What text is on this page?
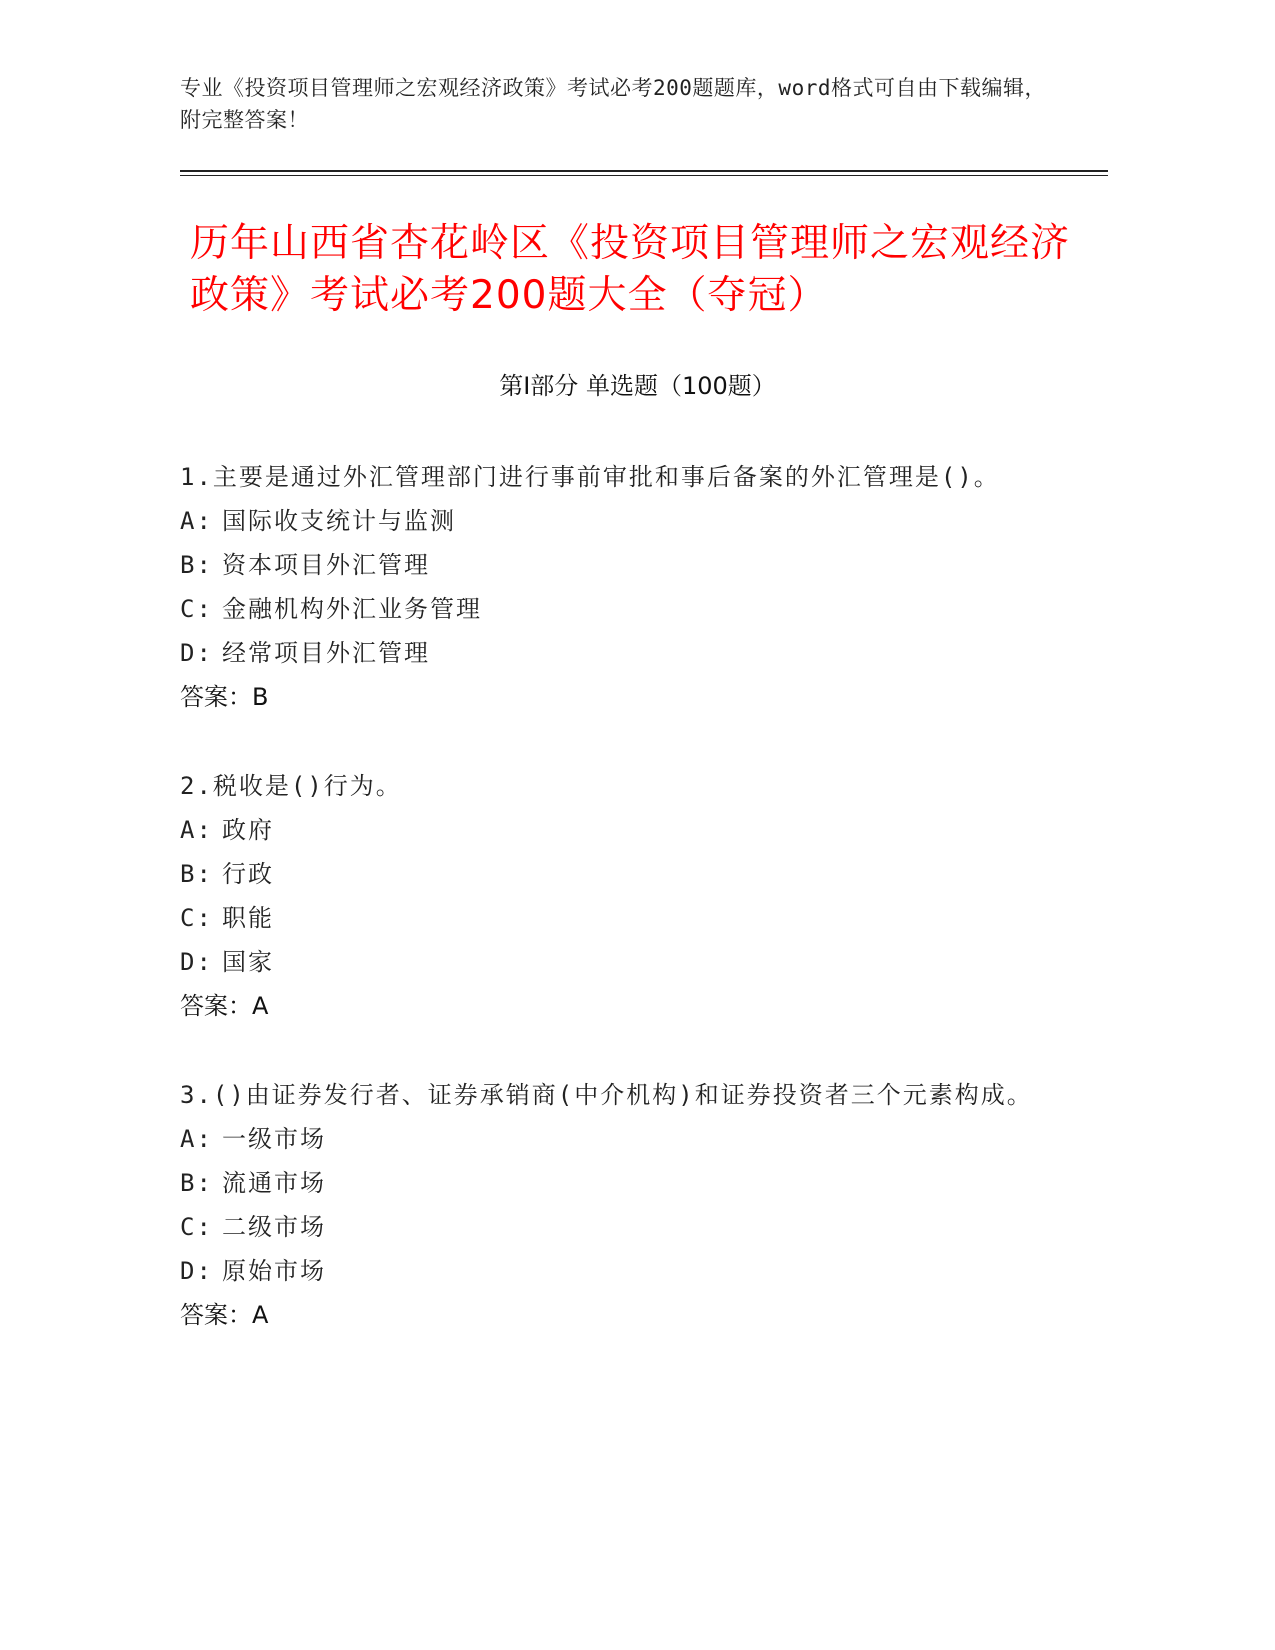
专业《投资项目管理师之宏观经济政策》考试必考200题题库，word格式可自由下载编辑，附完整答案！
历年山西省杏花岭区《投资项目管理师之宏观经济政策》考试必考200题大全（夺冠）
第I部分 单选题（100题）
1.主要是通过外汇管理部门进行事前审批和事后备案的外汇管理是()。
A: 国际收支统计与监测
B: 资本项目外汇管理
C: 金融机构外汇业务管理
D: 经常项目外汇管理
答案：B
2.税收是()行为。
A: 政府
B: 行政
C: 职能
D: 国家
答案：A
3.()由证券发行者、证券承销商(中介机构)和证券投资者三个元素构成。
A: 一级市场
B: 流通市场
C: 二级市场
D: 原始市场
答案：A
